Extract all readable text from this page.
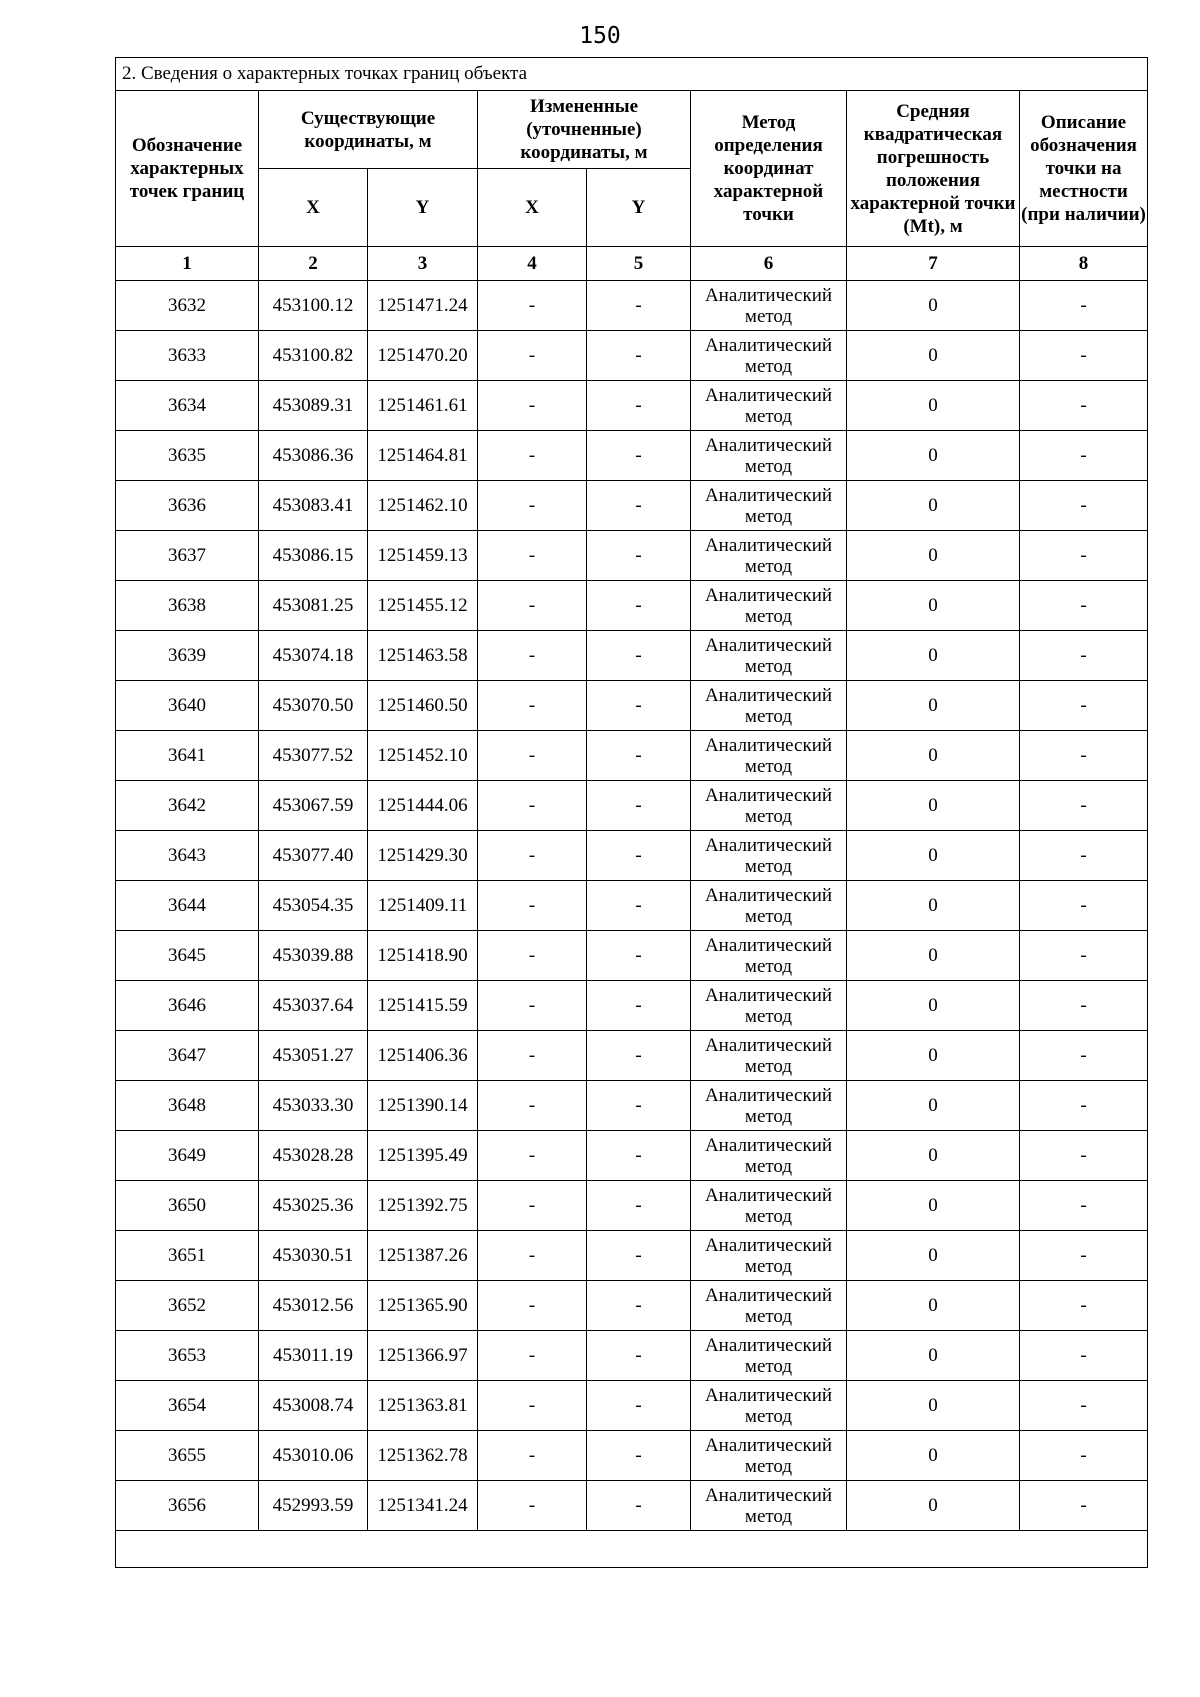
150
2. Сведения о характерных точках границ объекта							
Обозначение характерных точек границ	Существующие координаты, м		Измененные (уточненные) координаты, м		Метод определения координат характерной точки	Средняя квадратическая погрешность положения характерной точки (Mt), м	Описание обозначения точки на местности (при наличии)
	X	Y	X	Y			
1	2	3	4	5	6	7	8
3632	453100.12	1251471.24	-	-	Аналитический метод	0	-
3633	453100.82	1251470.20	-	-	Аналитический метод	0	-
3634	453089.31	1251461.61	-	-	Аналитический метод	0	-
3635	453086.36	1251464.81	-	-	Аналитический метод	0	-
3636	453083.41	1251462.10	-	-	Аналитический метод	0	-
3637	453086.15	1251459.13	-	-	Аналитический метод	0	-
3638	453081.25	1251455.12	-	-	Аналитический метод	0	-
3639	453074.18	1251463.58	-	-	Аналитический метод	0	-
3640	453070.50	1251460.50	-	-	Аналитический метод	0	-
3641	453077.52	1251452.10	-	-	Аналитический метод	0	-
3642	453067.59	1251444.06	-	-	Аналитический метод	0	-
3643	453077.40	1251429.30	-	-	Аналитический метод	0	-
3644	453054.35	1251409.11	-	-	Аналитический метод	0	-
3645	453039.88	1251418.90	-	-	Аналитический метод	0	-
3646	453037.64	1251415.59	-	-	Аналитический метод	0	-
3647	453051.27	1251406.36	-	-	Аналитический метод	0	-
3648	453033.30	1251390.14	-	-	Аналитический метод	0	-
3649	453028.28	1251395.49	-	-	Аналитический метод	0	-
3650	453025.36	1251392.75	-	-	Аналитический метод	0	-
3651	453030.51	1251387.26	-	-	Аналитический метод	0	-
3652	453012.56	1251365.90	-	-	Аналитический метод	0	-
3653	453011.19	1251366.97	-	-	Аналитический метод	0	-
3654	453008.74	1251363.81	-	-	Аналитический метод	0	-
3655	453010.06	1251362.78	-	-	Аналитический метод	0	-
3656	452993.59	1251341.24	-	-	Аналитический метод	0	-
